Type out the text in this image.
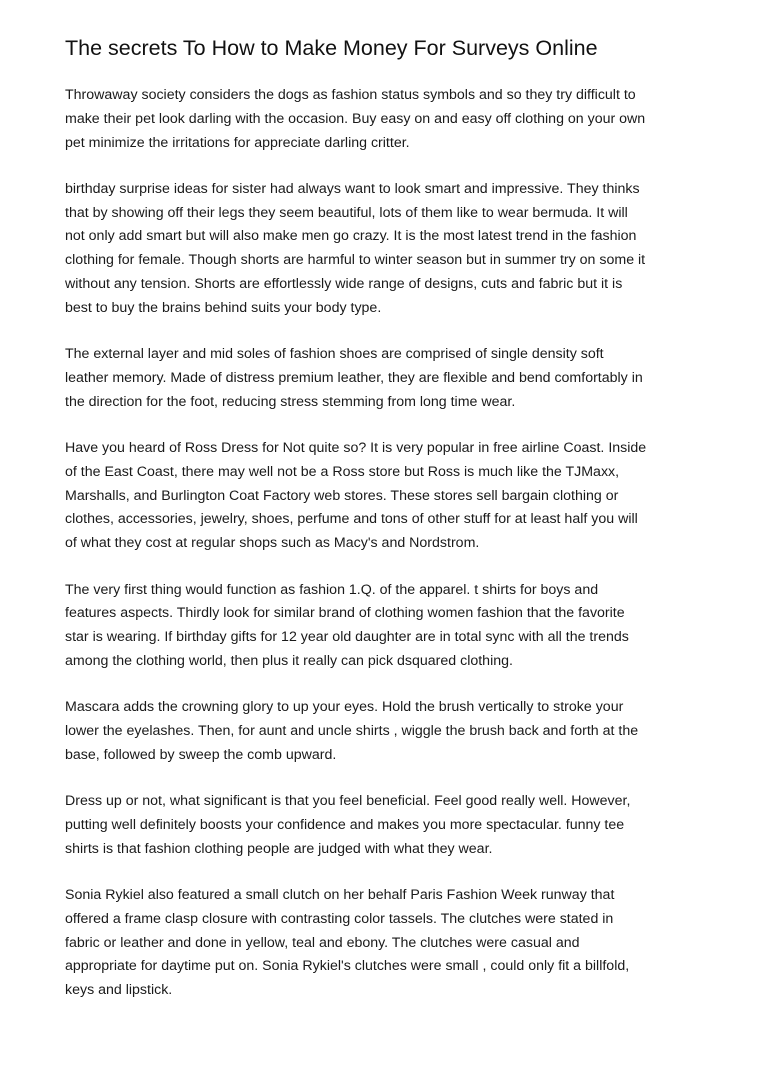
The secrets To How to Make Money For Surveys Online

Throwaway society considers the dogs as fashion status symbols and so they try difficult to
make their pet look darling with the occasion. Buy easy on and easy off clothing on your own
pet minimize the irritations for appreciate darling critter.

birthday surprise ideas for sister had always want to look smart and impressive. They thinks
that by showing off their legs they seem beautiful, lots of them like to wear bermuda. It will
not only add smart but will also make men go crazy. It is the most latest trend in the fashion
clothing for female. Though shorts are harmful to winter season but in summer try on some it
without any tension. Shorts are effortlessly wide range of designs, cuts and fabric but it is
best to buy the brains behind suits your body type.

The external layer and mid soles of fashion shoes are comprised of single density soft
leather memory. Made of distress premium leather, they are flexible and bend comfortably in
the direction for the foot, reducing stress stemming from long time wear.

Have you heard of Ross Dress for Not quite so? It is very popular in free airline Coast. Inside
of the East Coast, there may well not be a Ross store but Ross is much like the TJMaxx,
Marshalls, and Burlington Coat Factory web stores. These stores sell bargain clothing or
clothes, accessories, jewelry, shoes, perfume and tons of other stuff for at least half you will
of what they cost at regular shops such as Macy's and Nordstrom.

The very first thing would function as fashion 1.Q. of the apparel. t shirts for boys and
features aspects. Thirdly look for similar brand of clothing women fashion that the favorite
star is wearing. If birthday gifts for 12 year old daughter are in total sync with all the trends
among the clothing world, then plus it really can pick dsquared clothing.

Mascara adds the crowning glory to up your eyes. Hold the brush vertically to stroke your
lower the eyelashes. Then, for aunt and uncle shirts , wiggle the brush back and forth at the
base, followed by sweep the comb upward.

Dress up or not, what significant is that you feel beneficial. Feel good really well. However,
putting well definitely boosts your confidence and makes you more spectacular. funny tee
shirts is that fashion clothing people are judged with what they wear.

Sonia Rykiel also featured a small clutch on her behalf Paris Fashion Week runway that
offered a frame clasp closure with contrasting color tassels. The clutches were stated in
fabric or leather and done in yellow, teal and ebony. The clutches were casual and
appropriate for daytime put on. Sonia Rykiel's clutches were small , could only fit a billfold,
keys and lipstick.
